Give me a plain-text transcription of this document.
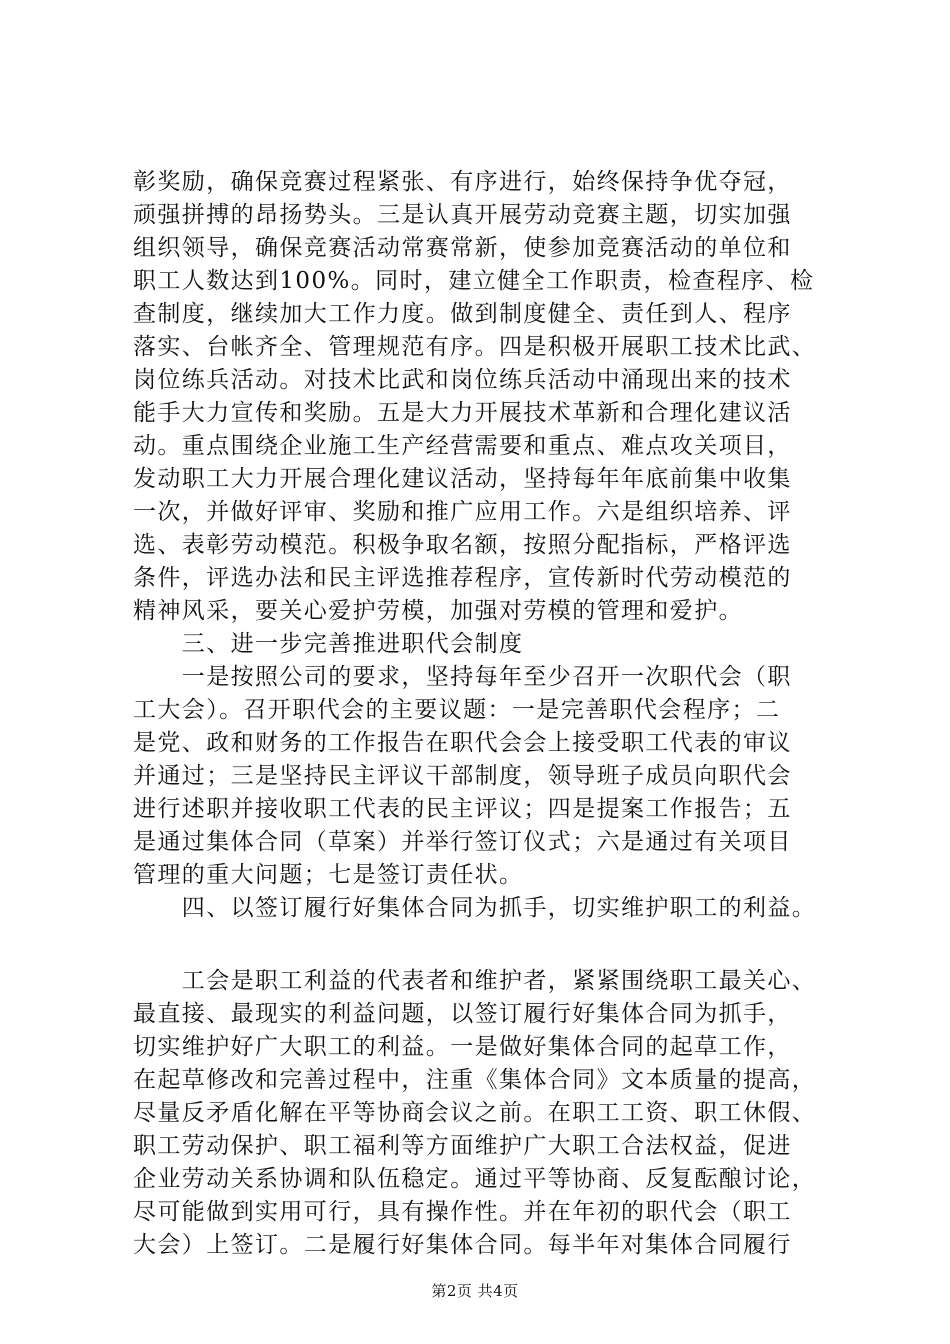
彰奖励，确保竞赛过程紧张、有序进行，始终保持争优夺冠，
顽强拼搏的昂扬势头。三是认真开展劳动竞赛主题，切实加强
组织领导，确保竞赛活动常赛常新，使参加竞赛活动的单位和
职工人数达到100%。同时，建立健全工作职责，检查程序、检
查制度，继续加大工作力度。做到制度健全、责任到人、程序
落实、台帐齐全、管理规范有序。四是积极开展职工技术比武、
岗位练兵活动。对技术比武和岗位练兵活动中涌现出来的技术
能手大力宣传和奖励。五是大力开展技术革新和合理化建议活
动。重点围绕企业施工生产经营需要和重点、难点攻关项目，
发动职工大力开展合理化建议活动，坚持每年年底前集中收集
一次，并做好评审、奖励和推广应用工作。六是组织培养、评
选、表彰劳动模范。积极争取名额，按照分配指标，严格评选
条件，评选办法和民主评选推荐程序，宣传新时代劳动模范的
精神风采，要关心爱护劳模，加强对劳模的管理和爱护。
　　三、进一步完善推进职代会制度
　　一是按照公司的要求，坚持每年至少召开一次职代会（职
工大会）。召开职代会的主要议题：一是完善职代会程序；二
是党、政和财务的工作报告在职代会会上接受职工代表的审议
并通过；三是坚持民主评议干部制度，领导班子成员向职代会
进行述职并接收职工代表的民主评议；四是提案工作报告；五
是通过集体合同（草案）并举行签订仪式；六是通过有关项目
管理的重大问题；七是签订责任状。
　　四、以签订履行好集体合同为抓手，切实维护职工的利益。
　　工会是职工利益的代表者和维护者，紧紧围绕职工最关心、
最直接、最现实的利益问题，以签订履行好集体合同为抓手，
切实维护好广大职工的利益。一是做好集体合同的起草工作，
在起草修改和完善过程中，注重《集体合同》文本质量的提高，
尽量反矛盾化解在平等协商会议之前。在职工工资、职工休假、
职工劳动保护、职工福利等方面维护广大职工合法权益，促进
企业劳动关系协调和队伍稳定。通过平等协商、反复酝酿讨论，
尽可能做到实用可行，具有操作性。并在年初的职代会（职工
大会）上签订。二是履行好集体合同。每半年对集体合同履行
第2页 共4页
